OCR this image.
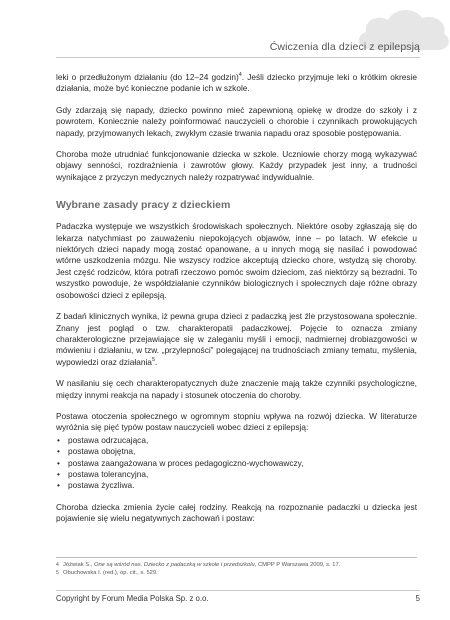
Ćwiczenia dla dzieci z epilepsją

leki o przedłużonym działaniu (do 12–24 godzin)$^4$. Jeśli dziecko przyjmuje leki o krótkim okresie działania, może być konieczne podanie ich w szkole.

Gdy zdarzają się napady, dziecko powinno mieć zapewnioną opiekę w drodze do szkoły i z powrotem. Koniecznie należy poinformować nauczycieli o chorobie i czynnikach prowokujących napady, przyjmowanych lekach, zwykłym czasie trwania napadu oraz sposobie postępowania.

Choroba może utrudniać funkcjonowanie dziecka w szkole. Uczniowie chorzy mogą wykazywać objawy senności, rozdrażnienia i zawrotów głowy. Każdy przypadek jest inny, a trudności wynikające z przyczyn medycznych należy rozpatrywać indywidualnie.

Wybrane zasady pracy z dzieckiem

Padaczka występuje we wszystkich środowiskach społecznych. Niektóre osoby zgłaszają się do lekarza natychmiast po zauważeniu niepokojących objawów, inne – po latach. W efekcie u niektórych dzieci napady mogą zostać opanowane, a u innych mogą się nasilać i powodować wtórne uszkodzenia mózgu. Nie wszyscy rodzice akceptują dziecko chore, wstydzą się choroby. Jest część rodziców, która potrafi rzeczowo pomóc swoim dzieciom, zaś niektórzy są bezradni. To wszystko powoduje, że współdziałanie czynników biologicznych i społecznych daje różne obrazy osobowości dzieci z epilepsją.

Z badań klinicznych wynika, iż pewna grupa dzieci z padaczką jest źle przystosowana społecznie. Znany jest pogląd o tzw. charakteropatii padaczkowej. Pojęcie to oznacza zmiany charakterologiczne przejawiające się w zaleganiu myśli i emocji, nadmiernej drobiazgowości w mówieniu i działaniu, w tzw. „przylepności” polegającej na trudnościach zmiany tematu, myślenia, wypowiedzi oraz działania$^5$.

W nasilaniu się cech charakteropatycznych duże znaczenie mają także czynniki psychologiczne, między innymi reakcja na napady i stosunek otoczenia do choroby.

Postawa otoczenia społecznego w ogromnym stopniu wpływa na rozwój dziecka. W literaturze wyróżnia się pięć typów postaw nauczycieli wobec dzieci z epilepsją:

• postawa odrzucająca,
• postawa obojętna,
• postawa zaangażowana w proces pedagogiczno-wychowawczy,
• postawa tolerancyjna,
• postawa życzliwa.

Choroba dziecka zmienia życie całej rodziny. Reakcją na rozpoznanie padaczki u dziecka jest pojawienie się wielu negatywnych zachowań i postaw:

4 Jóźwiak S., One są wśród nas. Dziecko z padaczką w szkole i przedszkolu, CMPP P Warszawa 2009, s. 17.
5 Obuchowska I. (red.), op. cit., s. 529.
Copyright by Forum Media Polska Sp. z o.o.	5
